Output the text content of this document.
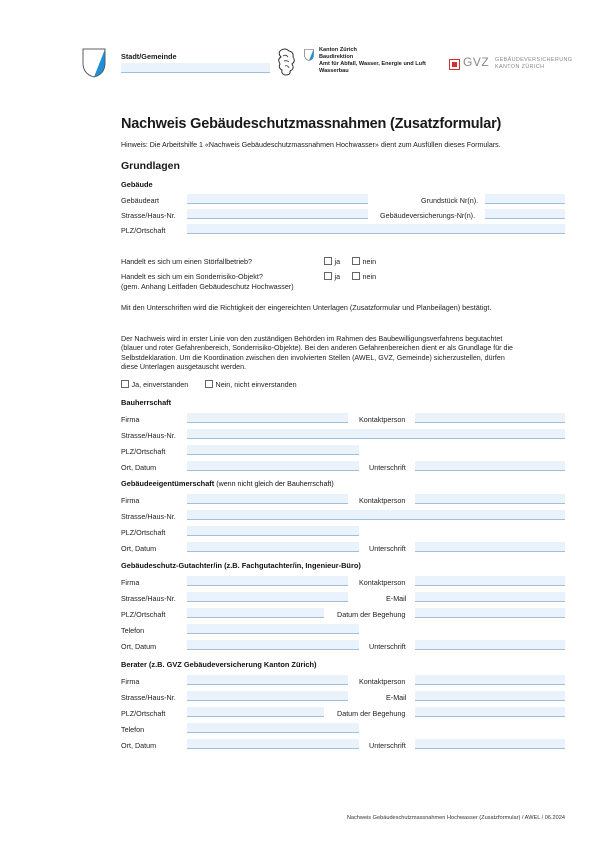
Stadt/Gemeinde
Kanton Zürich
Baudirektion
Amt für Abfall, Wasser, Energie und Luft
Wasserbau
GVZ GEBÄUDEVERSICHERUNG
KANTON ZÜRICH
Nachweis Gebäudeschutzmassnahmen (Zusatzformular)
Hinweis: Die Arbeitshilfe 1 «Nachweis Gebäudeschutzmassnahmen Hochwasser» dient zum Ausfüllen dieses Formulars.
Grundlagen
Gebäude
Gebäudeart	Grundstück Nr(n).
Strasse/Haus-Nr.	Gebäudeversicherungs-Nr(n).
PLZ/Ortschaft
Handelt es sich um einen Störfallbetrieb?	ja	nein
Handelt es sich um ein Sonderrisiko-Objekt?	ja	nein
(gem. Anhang Leitfaden Gebäudeschutz Hochwasser)
Mit den Unterschriften wird die Richtigkeit der eingereichten Unterlagen (Zusatzformular und Planbeilagen) bestätigt.
Der Nachweis wird in erster Linie von den zuständigen Behörden im Rahmen des Baubewilligungsverfahrens begutachtet
(blauer und roter Gefahrenbereich, Sonderrisiko-Objekte). Bei den anderen Gefahrenbereichen dient er als Grundlage für die
Selbstdeklaration. Um die Koordination zwischen den involvierten Stellen (AWEL, GVZ, Gemeinde) sicherzustellen, dürfen
diese Unterlagen ausgetauscht werden.
Ja, einverstanden	Nein, nicht einverstanden
Bauherrschaft
Firma	Kontaktperson
Strasse/Haus-Nr.
PLZ/Ortschaft
Ort, Datum	Unterschrift
Gebäudeeigentümerschaft (wenn nicht gleich der Bauherrschaft)
Firma	Kontaktperson
Strasse/Haus-Nr.
PLZ/Ortschaft
Ort, Datum	Unterschrift
Gebäudeschutz-Gutachter/in (z.B. Fachgutachter/in, Ingenieur-Büro)
Firma	Kontaktperson
Strasse/Haus-Nr.	E-Mail
PLZ/Ortschaft	Datum der Begehung
Telefon
Ort, Datum	Unterschrift
Berater (z.B. GVZ Gebäudeversicherung Kanton Zürich)
Firma	Kontaktperson
Strasse/Haus-Nr.	E-Mail
PLZ/Ortschaft	Datum der Begehung
Telefon
Ort, Datum	Unterschrift
Nachweis Gebäudeschutzmassnahmen Hochwasser (Zusatzformular) / AWEL / 06.2024
